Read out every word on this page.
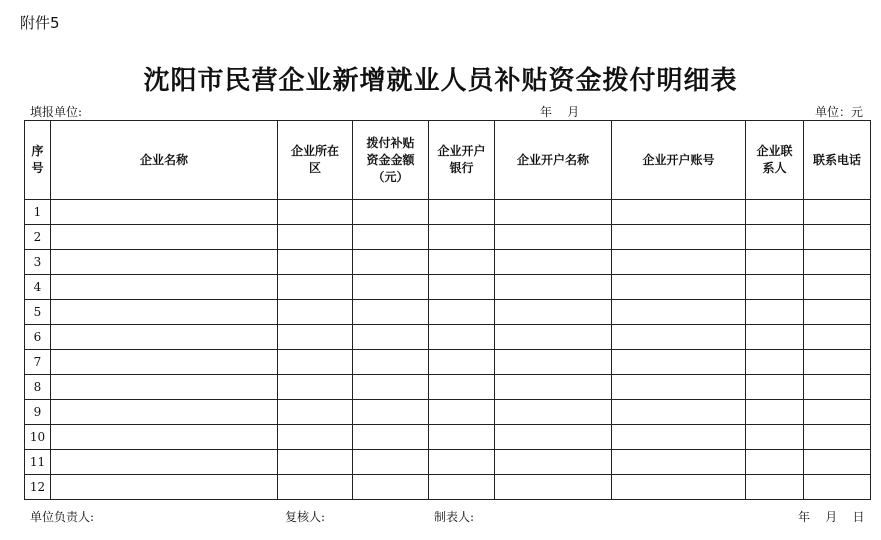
附件5
沈阳市民营企业新增就业人员补贴资金拨付明细表
填报单位:	年    月	单位：元
序号	企业名称	企业所在区	拨付补贴资金金额（元）	企业开户银行	企业开户名称	企业开户账号	企业联系人	联系电话
1								
2								
3								
4								
5								
6								
7								
8								
9								
10								
11								
12								
单位负责人:	复核人:	制表人:	年    月    日
